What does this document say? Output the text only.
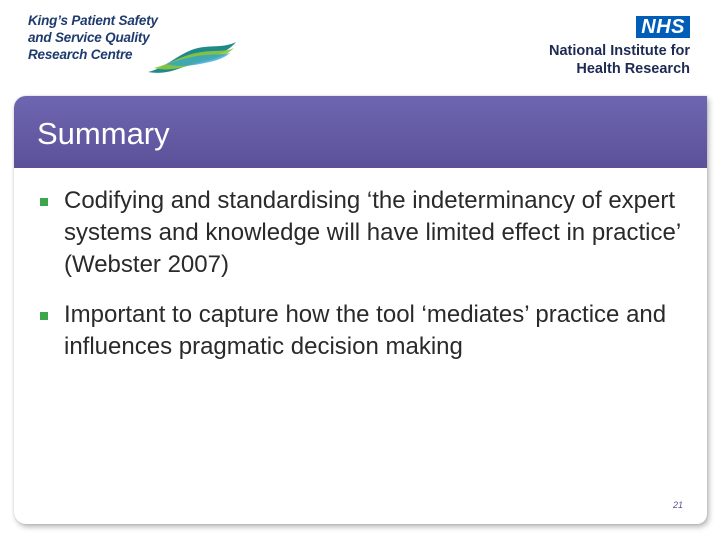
King’s Patient Safety
and Service Quality
Research Centre
NHS
National Institute for
Health Research
Summary
Codifying and standardising ‘the indeterminancy of expert systems and knowledge will have limited effect in practice’ (Webster 2007)
Important to capture how the tool ‘mediates’ practice and influences pragmatic decision making
21
